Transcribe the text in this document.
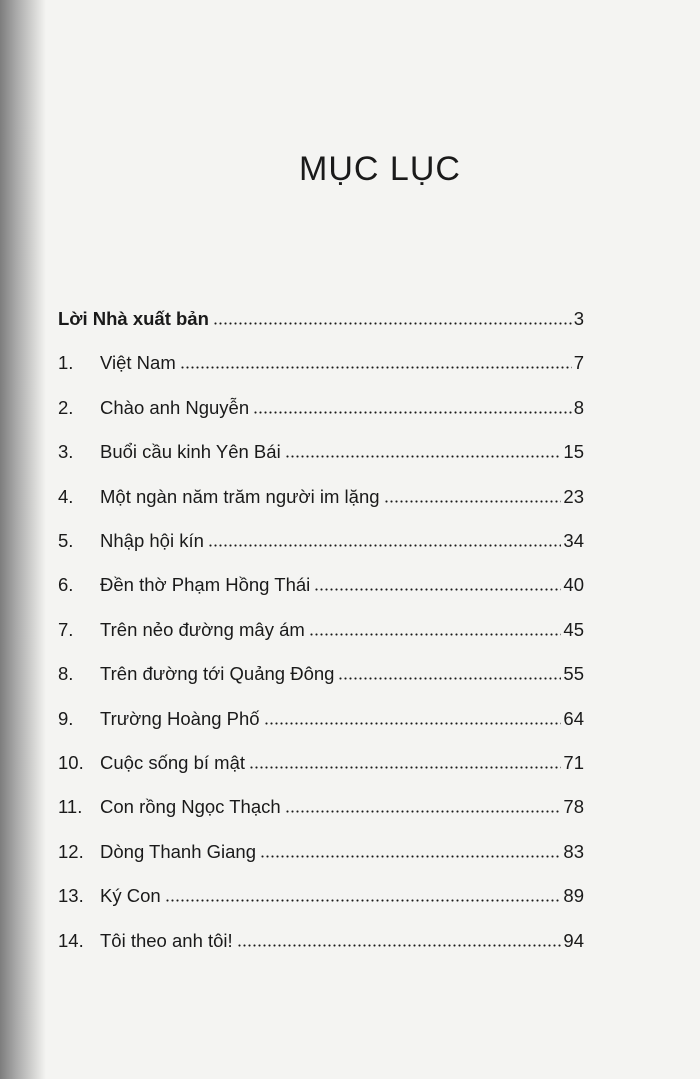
MỤC LỤC
Lời Nhà xuất bản	3
1.	Việt Nam	7
2.	Chào anh Nguyễn	8
3.	Buổi cầu kinh Yên Bái	15
4.	Một ngàn năm trăm người im lặng	23
5.	Nhập hội kín	34
6.	Đền thờ Phạm Hồng Thái	40
7.	Trên nẻo đường mây ám	45
8.	Trên đường tới Quảng Đông	55
9.	Trường Hoàng Phố	64
10. Cuộc sống bí mật	71
11. Con rồng Ngọc Thạch	78
12. Dòng Thanh Giang	83
13. Ký Con	89
14. Tôi theo anh tôi!	94
